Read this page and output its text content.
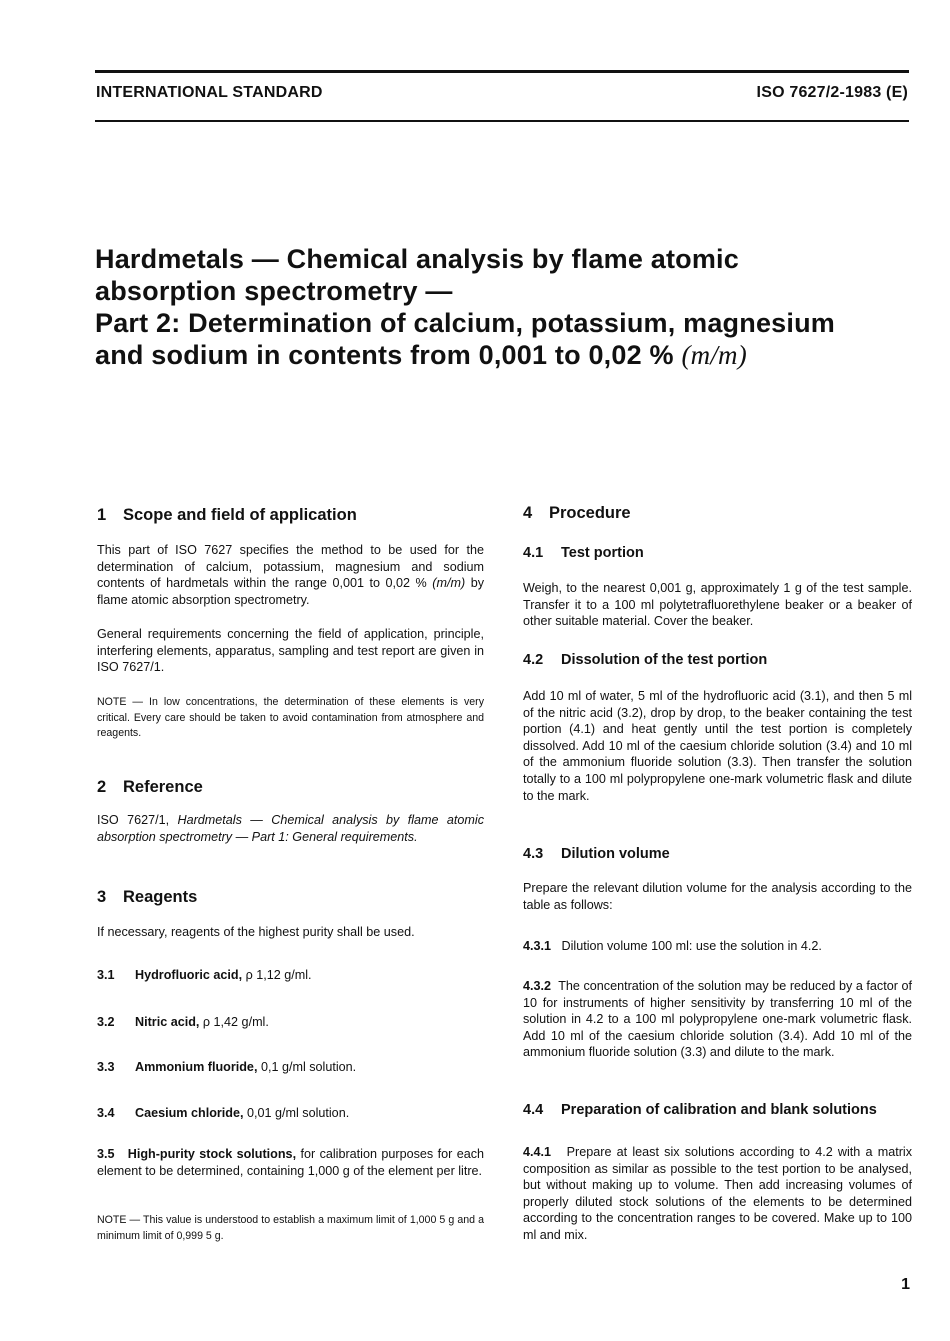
INTERNATIONAL STANDARD	ISO 7627/2-1983 (E)
Hardmetals — Chemical analysis by flame atomic
absorption spectrometry —
Part 2: Determination of calcium, potassium, magnesium
and sodium in contents from 0,001 to 0,02 % (m/m)
1 Scope and field of application
This part of ISO 7627 specifies the method to be used for the determination of calcium, potassium, magnesium and sodium contents of hardmetals within the range 0,001 to 0,02 % (m/m) by flame atomic absorption spectrometry.
General requirements concerning the field of application, principle, interfering elements, apparatus, sampling and test report are given in ISO 7627/1.
NOTE — In low concentrations, the determination of these elements is very critical. Every care should be taken to avoid contamination from atmosphere and reagents.
2 Reference
ISO 7627/1, Hardmetals — Chemical analysis by flame atomic absorption spectrometry — Part 1: General requirements.
3 Reagents
If necessary, reagents of the highest purity shall be used.
3.1 Hydrofluoric acid, ρ 1,12 g/ml.
3.2 Nitric acid, ρ 1,42 g/ml.
3.3 Ammonium fluoride, 0,1 g/ml solution.
3.4 Caesium chloride, 0,01 g/ml solution.
3.5 High-purity stock solutions, for calibration purposes for each element to be determined, containing 1,000 g of the element per litre.
NOTE — This value is understood to establish a maximum limit of 1,000 5 g and a minimum limit of 0,999 5 g.
4 Procedure
4.1 Test portion
Weigh, to the nearest 0,001 g, approximately 1 g of the test sample. Transfer it to a 100 ml polytetrafluorethylene beaker or a beaker of other suitable material. Cover the beaker.
4.2 Dissolution of the test portion
Add 10 ml of water, 5 ml of the hydrofluoric acid (3.1), and then 5 ml of the nitric acid (3.2), drop by drop, to the beaker containing the test portion (4.1) and heat gently until the test portion is completely dissolved. Add 10 ml of the caesium chloride solution (3.4) and 10 ml of the ammonium fluoride solution (3.3). Then transfer the solution totally to a 100 ml polypropylene one-mark volumetric flask and dilute to the mark.
4.3 Dilution volume
Prepare the relevant dilution volume for the analysis according to the table as follows:
4.3.1 Dilution volume 100 ml: use the solution in 4.2.
4.3.2 The concentration of the solution may be reduced by a factor of 10 for instruments of higher sensitivity by transferring 10 ml of the solution in 4.2 to a 100 ml polypropylene one-mark volumetric flask. Add 10 ml of the caesium chloride solution (3.4). Add 10 ml of the ammonium fluoride solution (3.3) and dilute to the mark.
4.4 Preparation of calibration and blank solutions
4.4.1 Prepare at least six solutions according to 4.2 with a matrix composition as similar as possible to the test portion to be analysed, but without making up to volume. Then add increasing volumes of properly diluted stock solutions of the elements to be determined according to the concentration ranges to be covered. Make up to 100 ml and mix.
1
